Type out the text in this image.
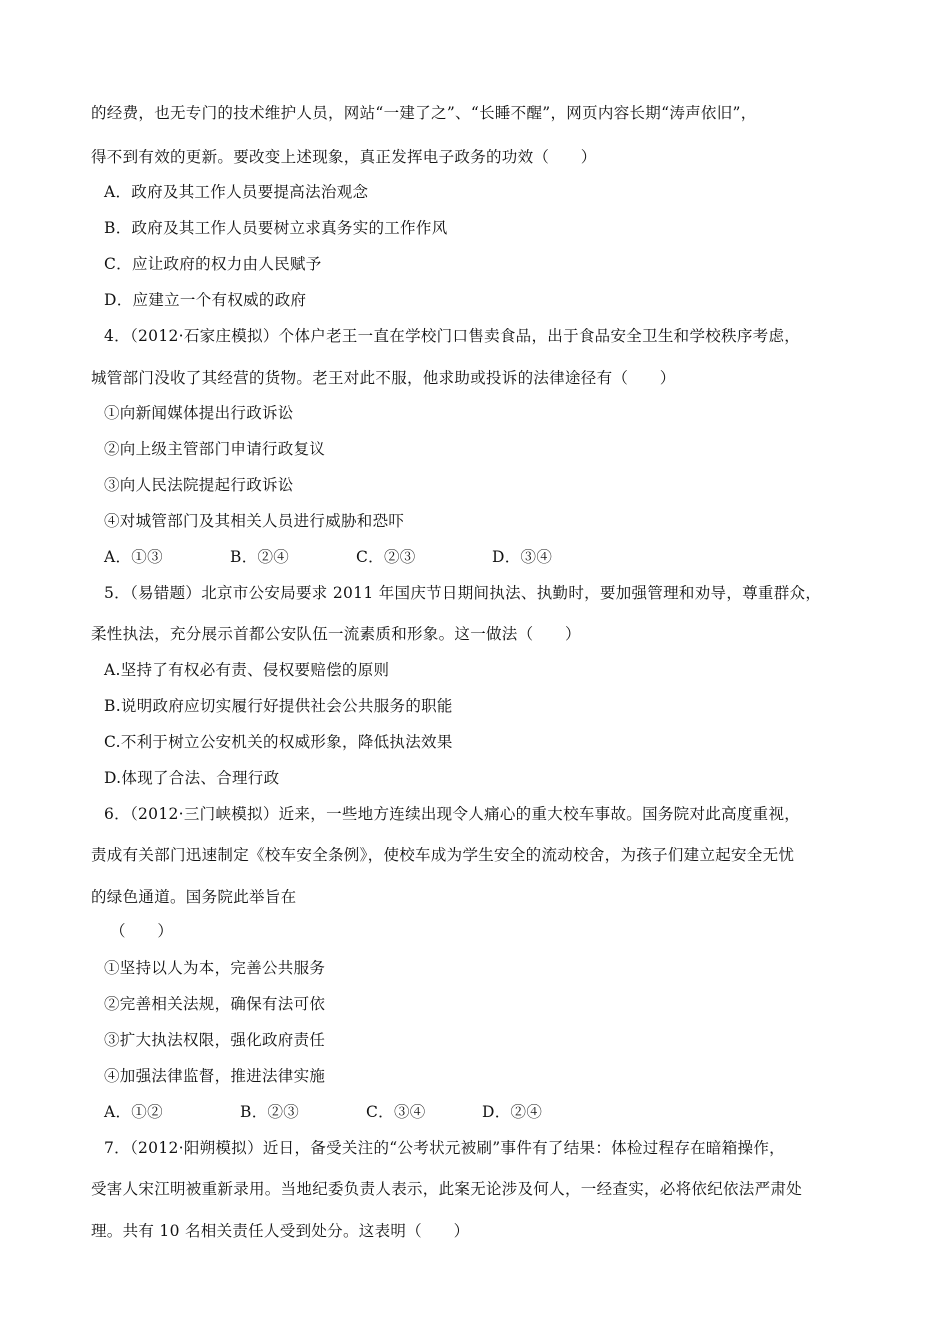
的经费，也无专门的技术维护人员，网站“一建了之”、“长睡不醒”，网页内容长期“涛声依旧”，
得不到有效的更新。要改变上述现象，真正发挥电子政务的功效（　　）
A．政府及其工作人员要提高法治观念
B．政府及其工作人员要树立求真务实的工作作风
C．应让政府的权力由人民赋予
D．应建立一个有权威的政府
4．（2012·石家庄模拟）个体户老王一直在学校门口售卖食品，出于食品安全卫生和学校秩序考虑，
城管部门没收了其经营的货物。老王对此不服，他求助或投诉的法律途径有（　　）
①向新闻媒体提出行政诉讼
②向上级主管部门申请行政复议
③向人民法院提起行政诉讼
④对城管部门及其相关人员进行威胁和恐吓
A．①③	B．②④	C．②③	D．③④
5．（易错题）北京市公安局要求 2011 年国庆节日期间执法、执勤时，要加强管理和劝导，尊重群众，
柔性执法，充分展示首都公安队伍一流素质和形象。这一做法（　　）
A.坚持了有权必有责、侵权要赔偿的原则
B.说明政府应切实履行好提供社会公共服务的职能
C.不利于树立公安机关的权威形象，降低执法效果
D.体现了合法、合理行政
6．（2012·三门峡模拟）近来，一些地方连续出现令人痛心的重大校车事故。国务院对此高度重视，
责成有关部门迅速制定《校车安全条例》，使校车成为学生安全的流动校舍，为孩子们建立起安全无忧
的绿色通道。国务院此举旨在
（　　）
①坚持以人为本，完善公共服务
②完善相关法规，确保有法可依
③扩大执法权限，强化政府责任
④加强法律监督，推进法律实施
A．①②	B．②③	C．③④	D．②④
7．（2012·阳朔模拟）近日，备受关注的“公考状元被刷”事件有了结果：体检过程存在暗箱操作，
受害人宋江明被重新录用。当地纪委负责人表示，此案无论涉及何人，一经查实，必将依纪依法严肃处
理。共有 10 名相关责任人受到处分。这表明（　　）
